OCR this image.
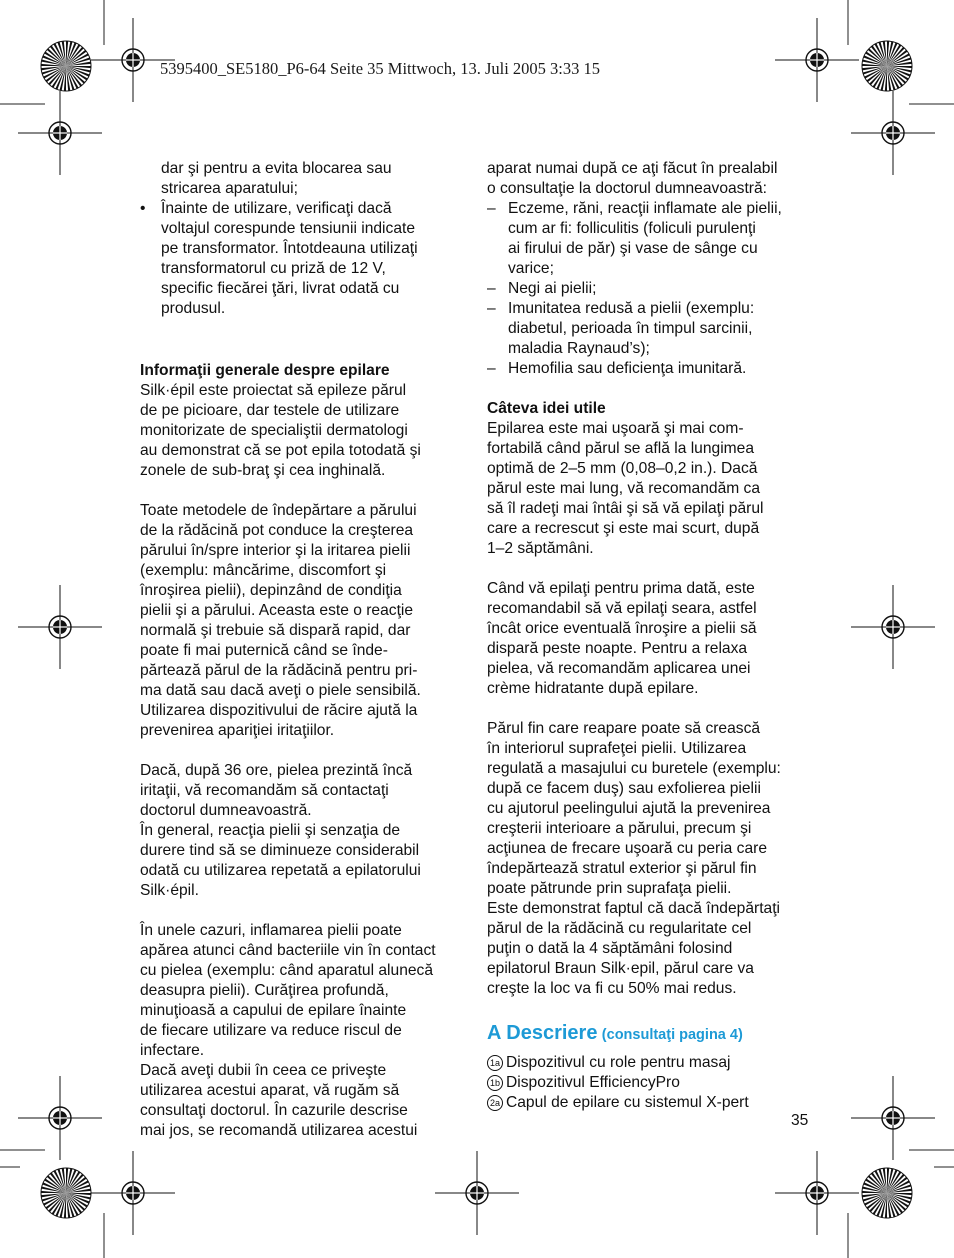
5395400_SE5180_P6-64 Seite 35 Mittwoch, 13. Juli 2005 3:33 15
dar şi pentru a evita blocarea sau
stricarea aparatului;
• Înainte de utilizare, verificaţi dacă
voltajul corespunde tensiunii indicate
pe transformator. Întotdeauna utilizaţi
transformatorul cu priză de 12 V,
specific fiecărei ţări, livrat odată cu
produsul.
Informaţii generale despre epilare
Silk·épil este proiectat să epileze părul
de pe picioare, dar testele de utilizare
monitorizate de specialiştii dermatologi
au demonstrat că se pot epila totodată şi
zonele de sub-braţ şi cea inghinală.
Toate metodele de îndepărtare a părului
de la rădăcină pot conduce la creşterea
părului în/spre interior şi la iritarea pielii
(exemplu: mâncărime, discomfort şi
înroşirea pielii), depinzând de condiţia
pielii şi a părului. Aceasta este o reacţie
normală şi trebuie să dispară rapid, dar
poate fi mai puternică când se înde-
părtează părul de la rădăcină pentru pri-
ma dată sau dacă aveţi o piele sensibilă.
Utilizarea dispozitivului de răcire ajută la
prevenirea apariţiei iritaţiilor.
Dacă, după 36 ore, pielea prezintă încă
iritaţii, vă recomandăm să contactaţi
doctorul dumneavoastră.
În general, reacţia pielii şi senzaţia de
durere tind să se diminueze considerabil
odată cu utilizarea repetată a epilatorului
Silk·épil.
În unele cazuri, inflamarea pielii poate
apărea atunci când bacteriile vin în contact
cu pielea (exemplu: când aparatul alunecă
deasupra pielii). Curăţirea profundă,
minuţioasă a capului de epilare înainte
de fiecare utilizare va reduce riscul de
infectare.
Dacă aveţi dubii în ceea ce priveşte
utilizarea acestui aparat, vă rugăm să
consultaţi doctorul. În cazurile descrise
mai jos, se recomandă utilizarea acestui
aparat numai după ce aţi făcut în prealabil
o consultaţie la doctorul dumneavoastră:
– Eczeme, răni, reacţii inflamate ale pielii,
cum ar fi: folliculitis (foliculi purulenţi
ai firului de păr) şi vase de sânge cu
varice;
– Negi ai pielii;
– Imunitatea redusă a pielii (exemplu:
diabetul, perioada în timpul sarcinii,
maladia Raynaud’s);
– Hemofilia sau deficienţa imunitară.
Câteva idei utile
Epilarea este mai uşoară şi mai com-
fortabilă când părul se află la lungimea
optimă de 2–5 mm (0,08–0,2 in.). Dacă
părul este mai lung, vă recomandăm ca
să îl radeţi mai întâi şi să vă epilaţi părul
care a recrescut şi este mai scurt, după
1–2 săptămâni.
Când vă epilaţi pentru prima dată, este
recomandabil să vă epilaţi seara, astfel
încât orice eventuală înroşire a pielii să
dispară peste noapte. Pentru a relaxa
pielea, vă recomandăm aplicarea unei
crème hidratante după epilare.
Părul fin care reapare poate să crească
în interiorul suprafeţei pielii. Utilizarea
regulată a masajului cu buretele (exemplu:
după ce facem duş) sau exfolierea pielii
cu ajutorul peelingului ajută la prevenirea
creşterii interioare a părului, precum şi
acţiunea de frecare uşoară cu peria care
îndepărtează stratul exterior şi părul fin
poate pătrunde prin suprafaţa pielii.
Este demonstrat faptul că dacă îndepărtaţi
părul de la rădăcină cu regularitate cel
puţin o dată la 4 săptămâni folosind
epilatorul Braun Silk·epil, părul care va
creşte la loc va fi cu 50% mai redus.
A Descriere (consultaţi pagina 4)
1a Dispozitivul cu role pentru masaj
1b Dispozitivul EfficiencyPro
2a Capul de epilare cu sistemul X-pert
35
